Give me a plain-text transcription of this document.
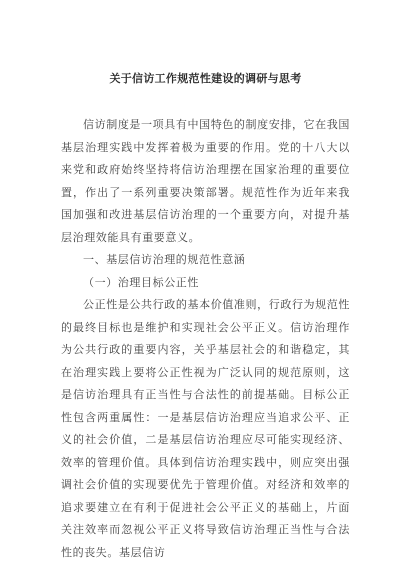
关于信访工作规范性建设的调研与思考

信访制度是一项具有中国特色的制度安排，它在我国基层治理实践中发挥着极为重要的作用。党的十八大以来党和政府始终坚持将信访治理摆在国家治理的重要位置，作出了一系列重要决策部署。规范性作为近年来我国加强和改进基层信访治理的一个重要方向，对提升基层治理效能具有重要意义。

一、基层信访治理的规范性意涵

（一）治理目标公正性

公正性是公共行政的基本价值准则，行政行为规范性的最终目标也是维护和实现社会公平正义。信访治理作为公共行政的重要内容，关乎基层社会的和谐稳定，其在治理实践上要将公正性视为广泛认同的规范原则，这是信访治理具有正当性与合法性的前提基础。目标公正性包含两重属性：一是基层信访治理应当追求公平、正义的社会价值，二是基层信访治理应尽可能实现经济、效率的管理价值。具体到信访治理实践中，则应突出强调社会价值的实现要优先于管理价值。对经济和效率的追求要建立在有利于促进社会公平正义的基础上，片面关注效率而忽视公平正义将导致信访治理正当性与合法性的丧失。基层信访
